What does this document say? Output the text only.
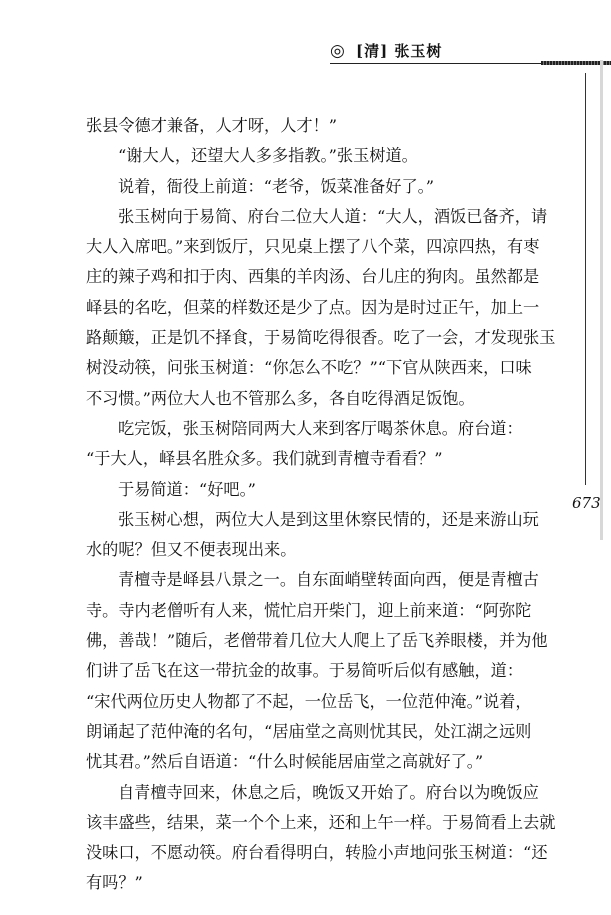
◎ [清] 张玉树
673
张县令德才兼备，人才呀，人才！”
“谢大人，还望大人多多指教。”张玉树道。
说着，衙役上前道：“老爷，饭菜准备好了。”
张玉树向于易简、府台二位大人道：“大人，酒饭已备齐，请
大人入席吧。”来到饭厅，只见桌上摆了八个菜，四凉四热，有枣
庄的辣子鸡和扣于肉、西集的羊肉汤、台儿庄的狗肉。虽然都是
峄县的名吃，但菜的样数还是少了点。因为是时过正午，加上一
路颠簸，正是饥不择食，于易简吃得很香。吃了一会，才发现张玉
树没动筷，问张玉树道：“你怎么不吃？”“下官从陕西来，口味
不习惯。”两位大人也不管那么多，各自吃得酒足饭饱。
吃完饭，张玉树陪同两大人来到客厅喝茶休息。府台道：
“于大人，峄县名胜众多。我们就到青檀寺看看？”
于易简道：“好吧。”
张玉树心想，两位大人是到这里休察民情的，还是来游山玩
水的呢？但又不便表现出来。
青檀寺是峄县八景之一。自东面峭壁转面向西，便是青檀古
寺。寺内老僧听有人来，慌忙启开柴门，迎上前来道：“阿弥陀
佛，善哉！”随后，老僧带着几位大人爬上了岳飞养眼楼，并为他
们讲了岳飞在这一带抗金的故事。于易简听后似有感触，道：
“宋代两位历史人物都了不起，一位岳飞，一位范仲淹。”说着，
朗诵起了范仲淹的名句，“居庙堂之高则忧其民，处江湖之远则
忧其君。”然后自语道：“什么时候能居庙堂之高就好了。”
自青檀寺回来，休息之后，晚饭又开始了。府台以为晚饭应
该丰盛些，结果，菜一个个上来，还和上午一样。于易简看上去就
没味口，不愿动筷。府台看得明白，转脸小声地问张玉树道：“还
有吗？”
